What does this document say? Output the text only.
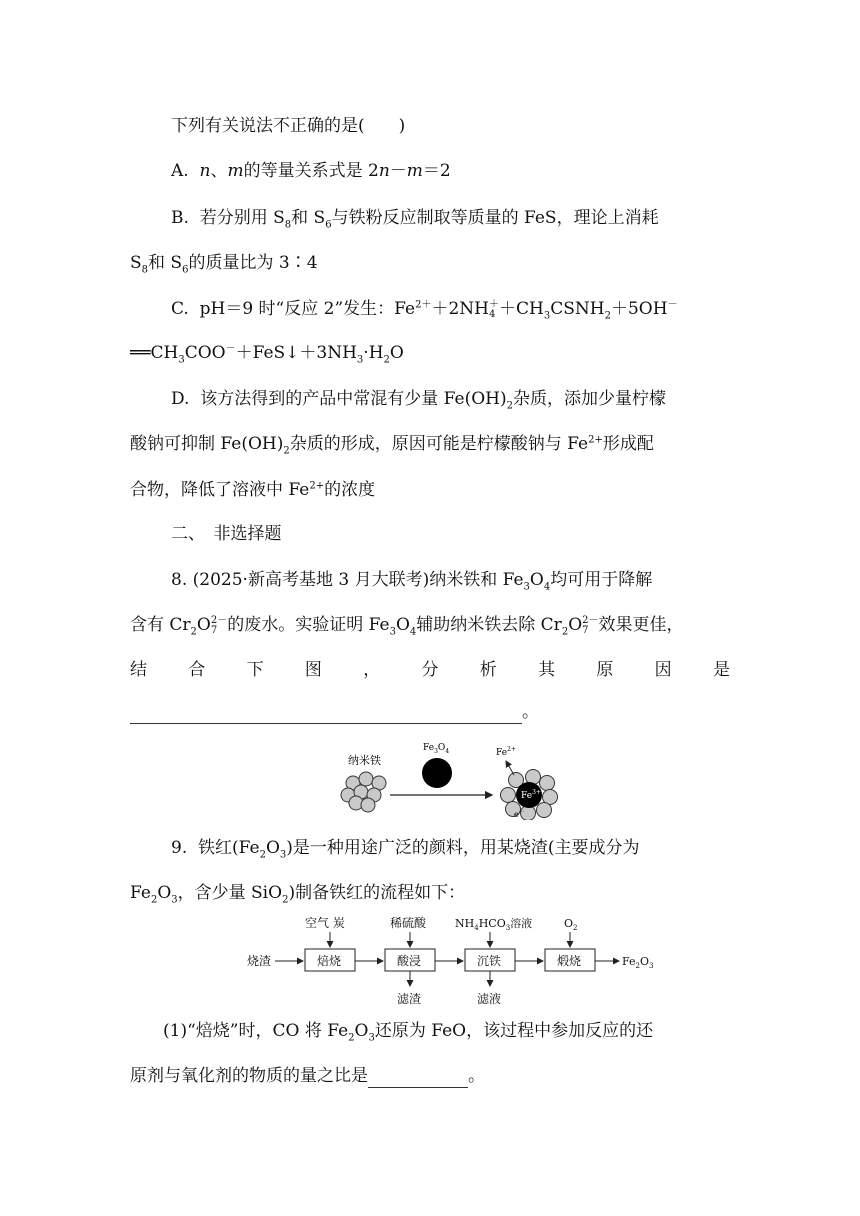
下列有关说法不正确的是(　　)
A. n、m的等量关系式是 2n－m＝2
B. 若分别用 $S_8$和 $S_6$与铁粉反应制取等质量的 FeS，理论上消耗
$S_8$和 $S_6$的质量比为 3∶4
C. pH＝9 时“反应 2”发生：$Fe^{2+}+2NH$ ＋
$4 +CH_3CSNH_2+5OH^-$
$══CH_3COO^-+FeS↓+3NH_3\cdot H_2O$
D. 该方法得到的产品中常混有少量 $Fe(OH)_2$杂质，添加少量柠檬
酸钠可抑制 $Fe(OH)_2$杂质的形成，原因可能是柠檬酸钠与 $Fe^{2+}$形成配
合物，降低了溶液中 $Fe^{2+}$的浓度
二、　非选择题
8. (2025·新高考基地 3 月大联考)纳米铁和 $Fe_3O_4$均可用于降解
含有 $Cr_2O$ 2－
7 的废水。实验证明 $Fe_3O_4$辅助纳米铁去除 $Cr_2O$ 2－
7 效果更佳，
结 合 下 图 ， 分 析 其 原 因 是
。
纳米铁
$Fe_3O_4$
$Fe^{3+}$
e－
$Fe^{2+}$
9. 铁红$(Fe_2O_3)$是一种用途广泛的颜料，用某烧渣(主要成分为
$Fe_2O_3$，含少量 SiO$_2$)制备铁红的流程如下：
烧渣	焙烧
空气 炭
酸浸
稀硫酸
滤渣
沉铁
$NH_4HCO_3$溶液
滤液
煅烧
$O_2$
$Fe_2O_3$
(1)“焙烧”时，CO 将 $Fe_2O_3$还原为 FeO，该过程中参加反应的还
原剂与氧化剂的物质的量之比是	。
